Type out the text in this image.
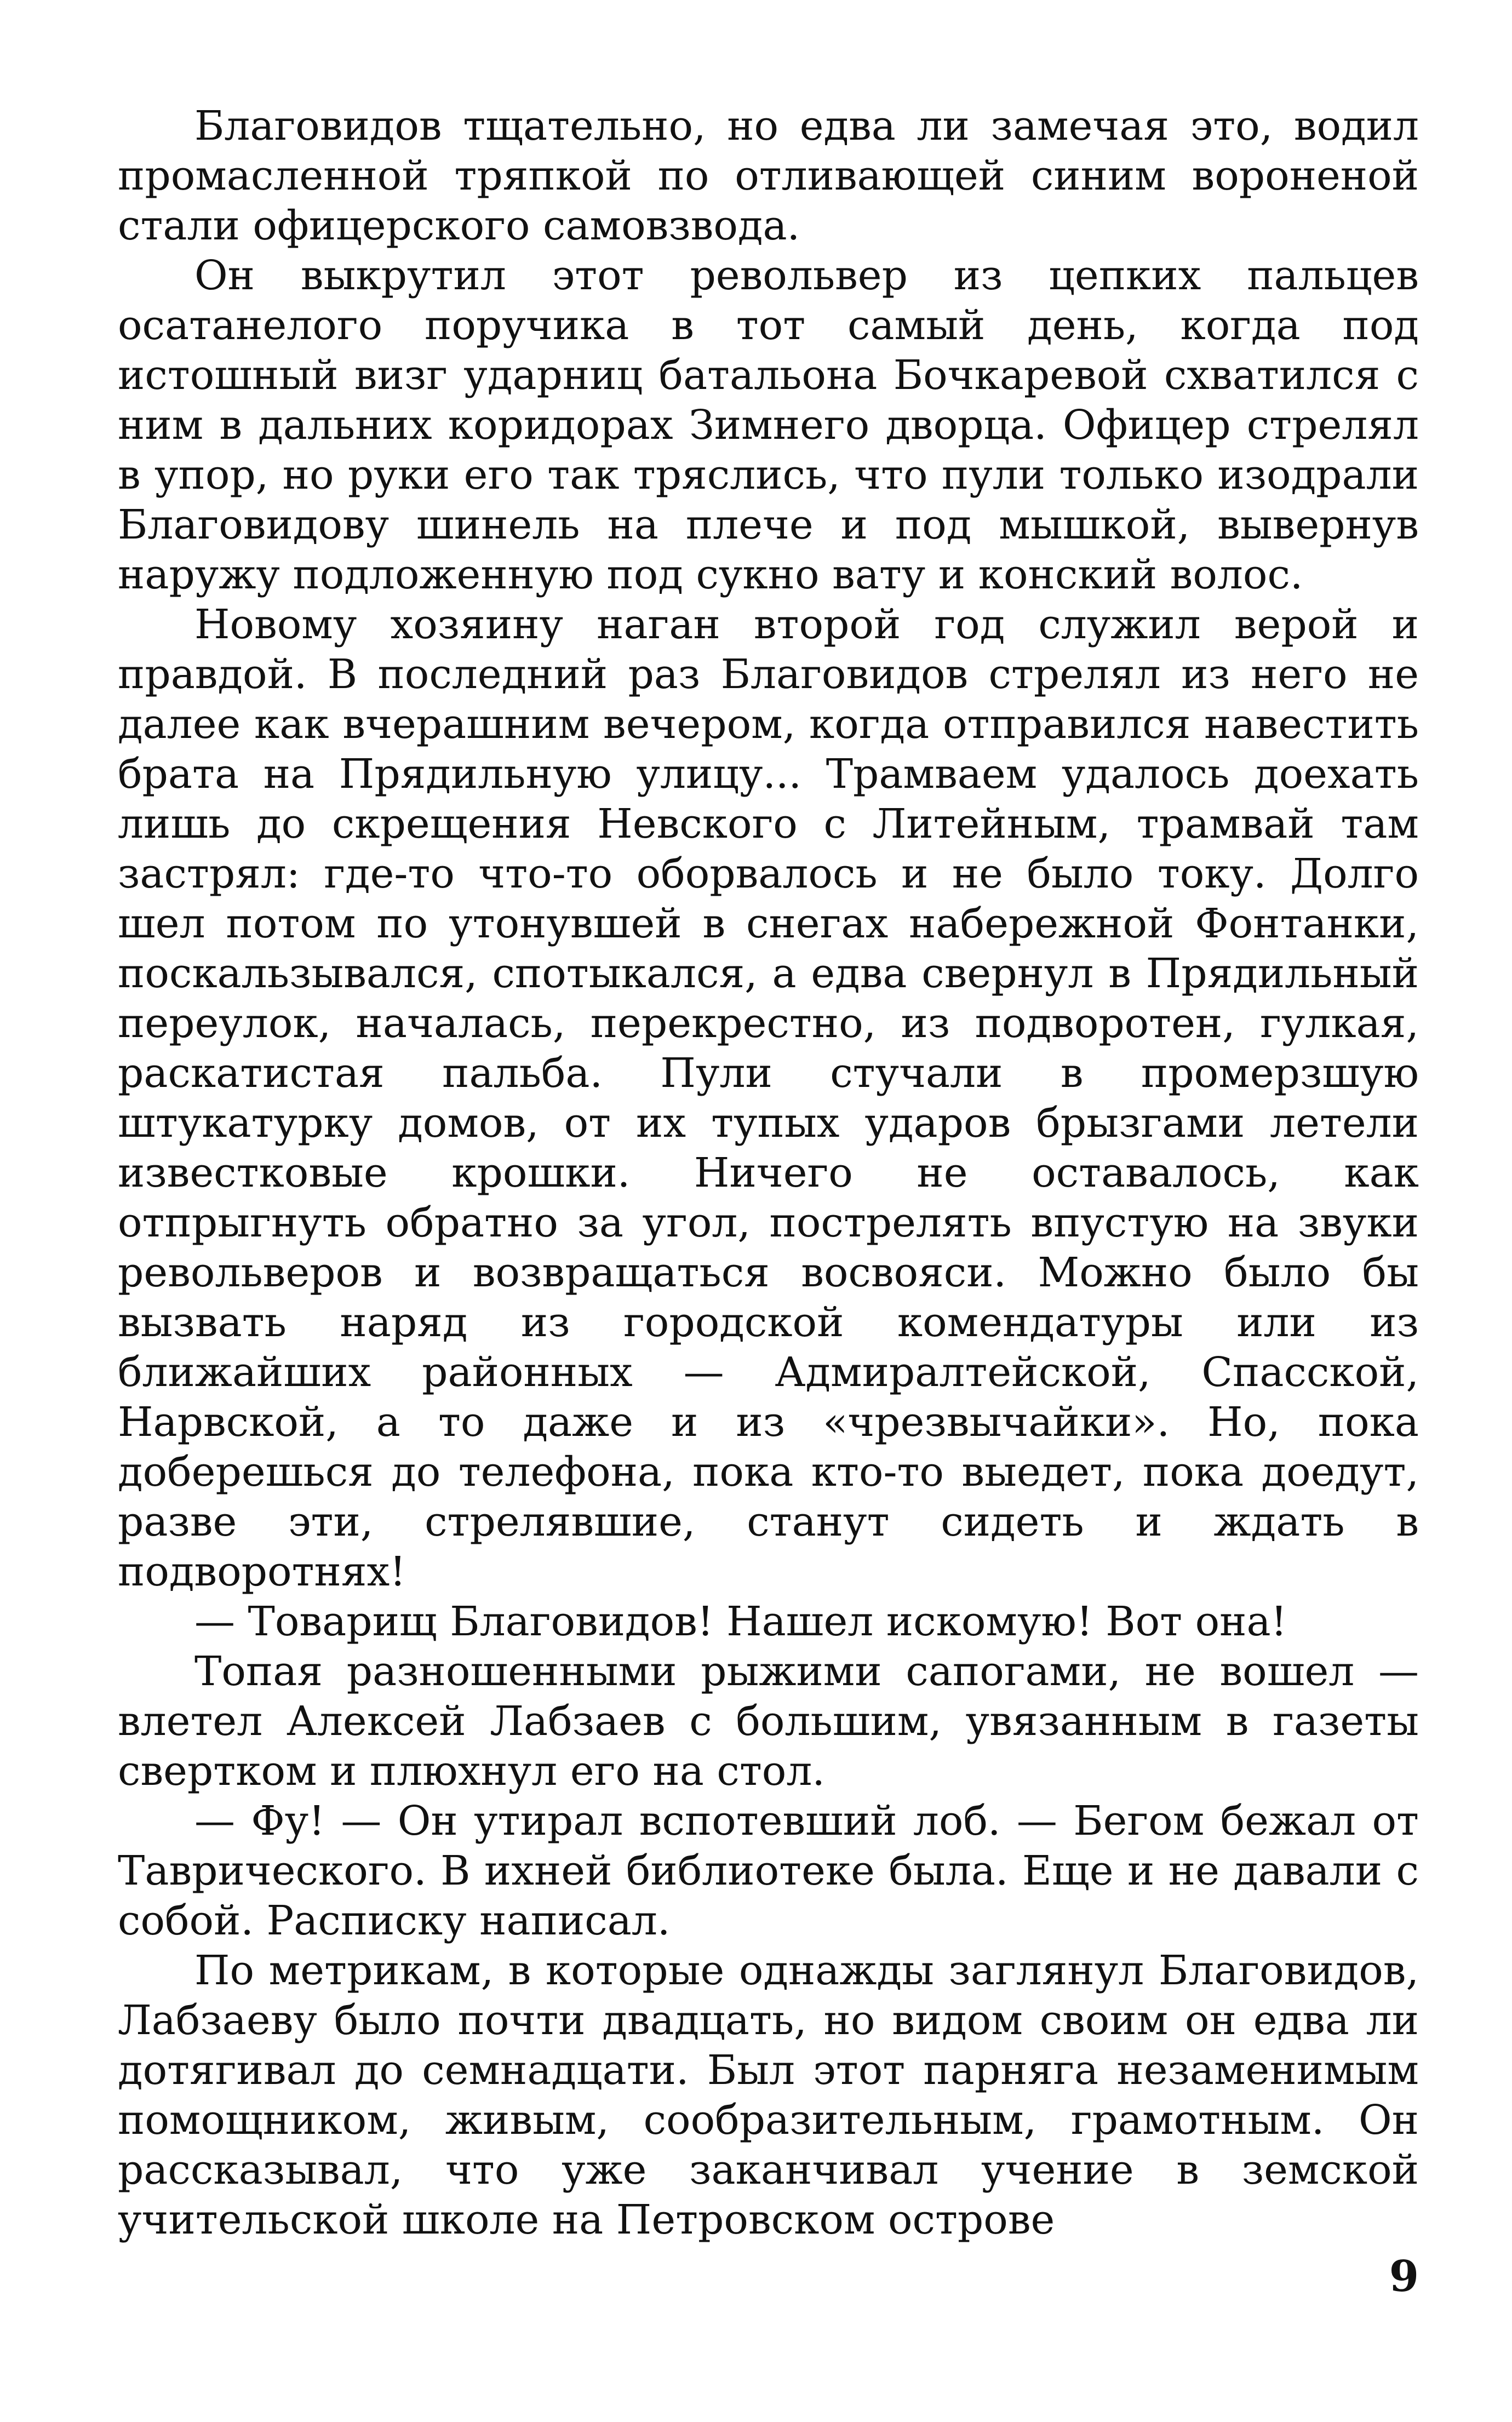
Благовидов тщательно, но едва ли замечая это, водил промасленной тряпкой по отливающей синим вороненой стали офицерского самовзвода.

Он выкрутил этот револьвер из цепких пальцев осатанелого поручика в тот самый день, когда под истошный визг ударниц батальона Бочкаревой схватился с ним в дальних коридорах Зимнего дворца. Офицер стрелял в упор, но руки его так тряслись, что пули только изодрали Благовидову шинель на плече и под мышкой, вывернув наружу подложенную под сукно вату и конский волос.

Новому хозяину наган второй год служил верой и правдой. В последний раз Благовидов стрелял из него не далее как вчерашним вечером, когда отправился навестить брата на Прядильную улицу... Трамваем удалось доехать лишь до скрещения Невского с Литейным, трамвай там застрял: где-то что-то оборвалось и не было току. Долго шел потом по утонувшей в снегах набережной Фонтанки, поскальзывался, спотыкался, а едва свернул в Прядильный переулок, началась, перекрестно, из подворотен, гулкая, раскатистая пальба. Пули стучали в промерзшую штукатурку домов, от их тупых ударов брызгами летели известковые крошки. Ничего не оставалось, как отпрыгнуть обратно за угол, пострелять впустую на звуки револьверов и возвращаться восвояси. Можно было бы вызвать наряд из городской комендатуры или из ближайших районных — Адмиралтейской, Спасской, Нарвской, а то даже и из «чрезвычайки». Но, пока доберешься до телефона, пока кто-то выедет, пока доедут, разве эти, стрелявшие, станут сидеть и ждать в подворотнях!

— Товарищ Благовидов! Нашел искомую! Вот она!

Топая разношенными рыжими сапогами, не вошел — влетел Алексей Лабзаев с большим, увязанным в газеты свертком и плюхнул его на стол.

— Фу! — Он утирал вспотевший лоб. — Бегом бежал от Таврического. В ихней библиотеке была. Еще и не давали с собой. Расписку написал.

По метрикам, в которые однажды заглянул Благовидов, Лабзаеву было почти двадцать, но видом своим он едва ли дотягивал до семнадцати. Был этот парняга незаменимым помощником, живым, сообразительным, грамотным. Он рассказывал, что уже заканчивал учение в земской учительской школе на Петровском острове

9
